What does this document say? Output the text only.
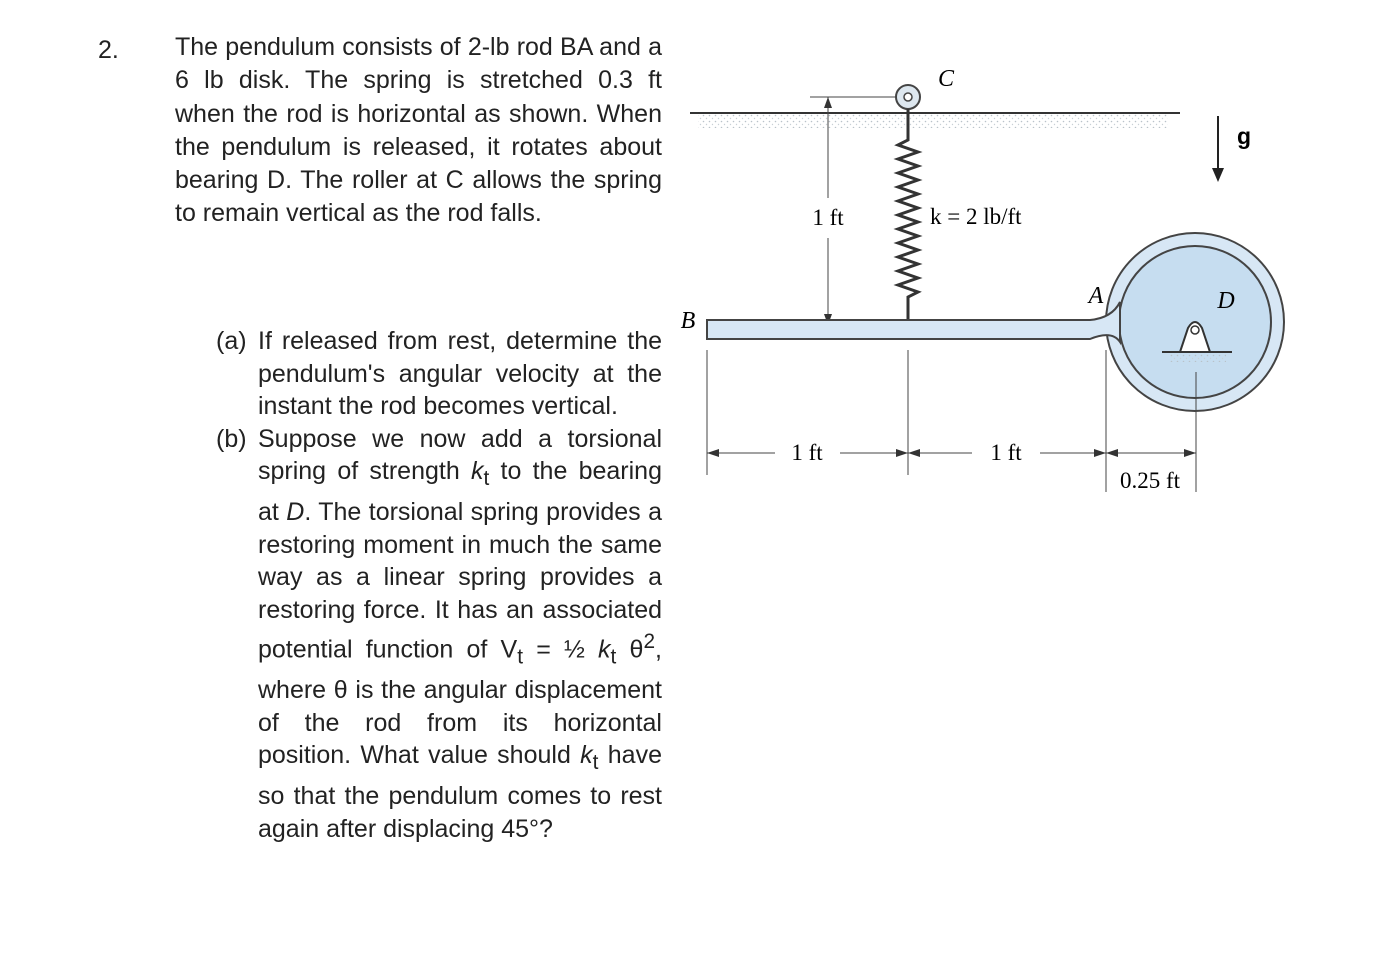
2. The pendulum consists of 2-lb rod BA and a 6 lb disk. The spring is stretched 0.3 ft when the rod is horizontal as shown. When the pendulum is released, it rotates about bearing D. The roller at C allows the spring to remain vertical as the rod falls.
(a) If released from rest, determine the pendulum's angular velocity at the instant the rod becomes vertical.
(b) Suppose we now add a torsional spring of strength $k_t$ to the bearing at D. The torsional spring provides a restoring moment in much the same way as a linear spring provides a restoring force. It has an associated potential function of $V_t$ = ½ $k_t$ $\theta^2$, where θ is the angular displacement of the rod from its horizontal position. What value should $k_t$ have so that the pendulum comes to rest again after displacing 45°?
1 ft
C
k = 2 lb/ft
D
A
B
g
1 ft	1 ft
0.25 ft
